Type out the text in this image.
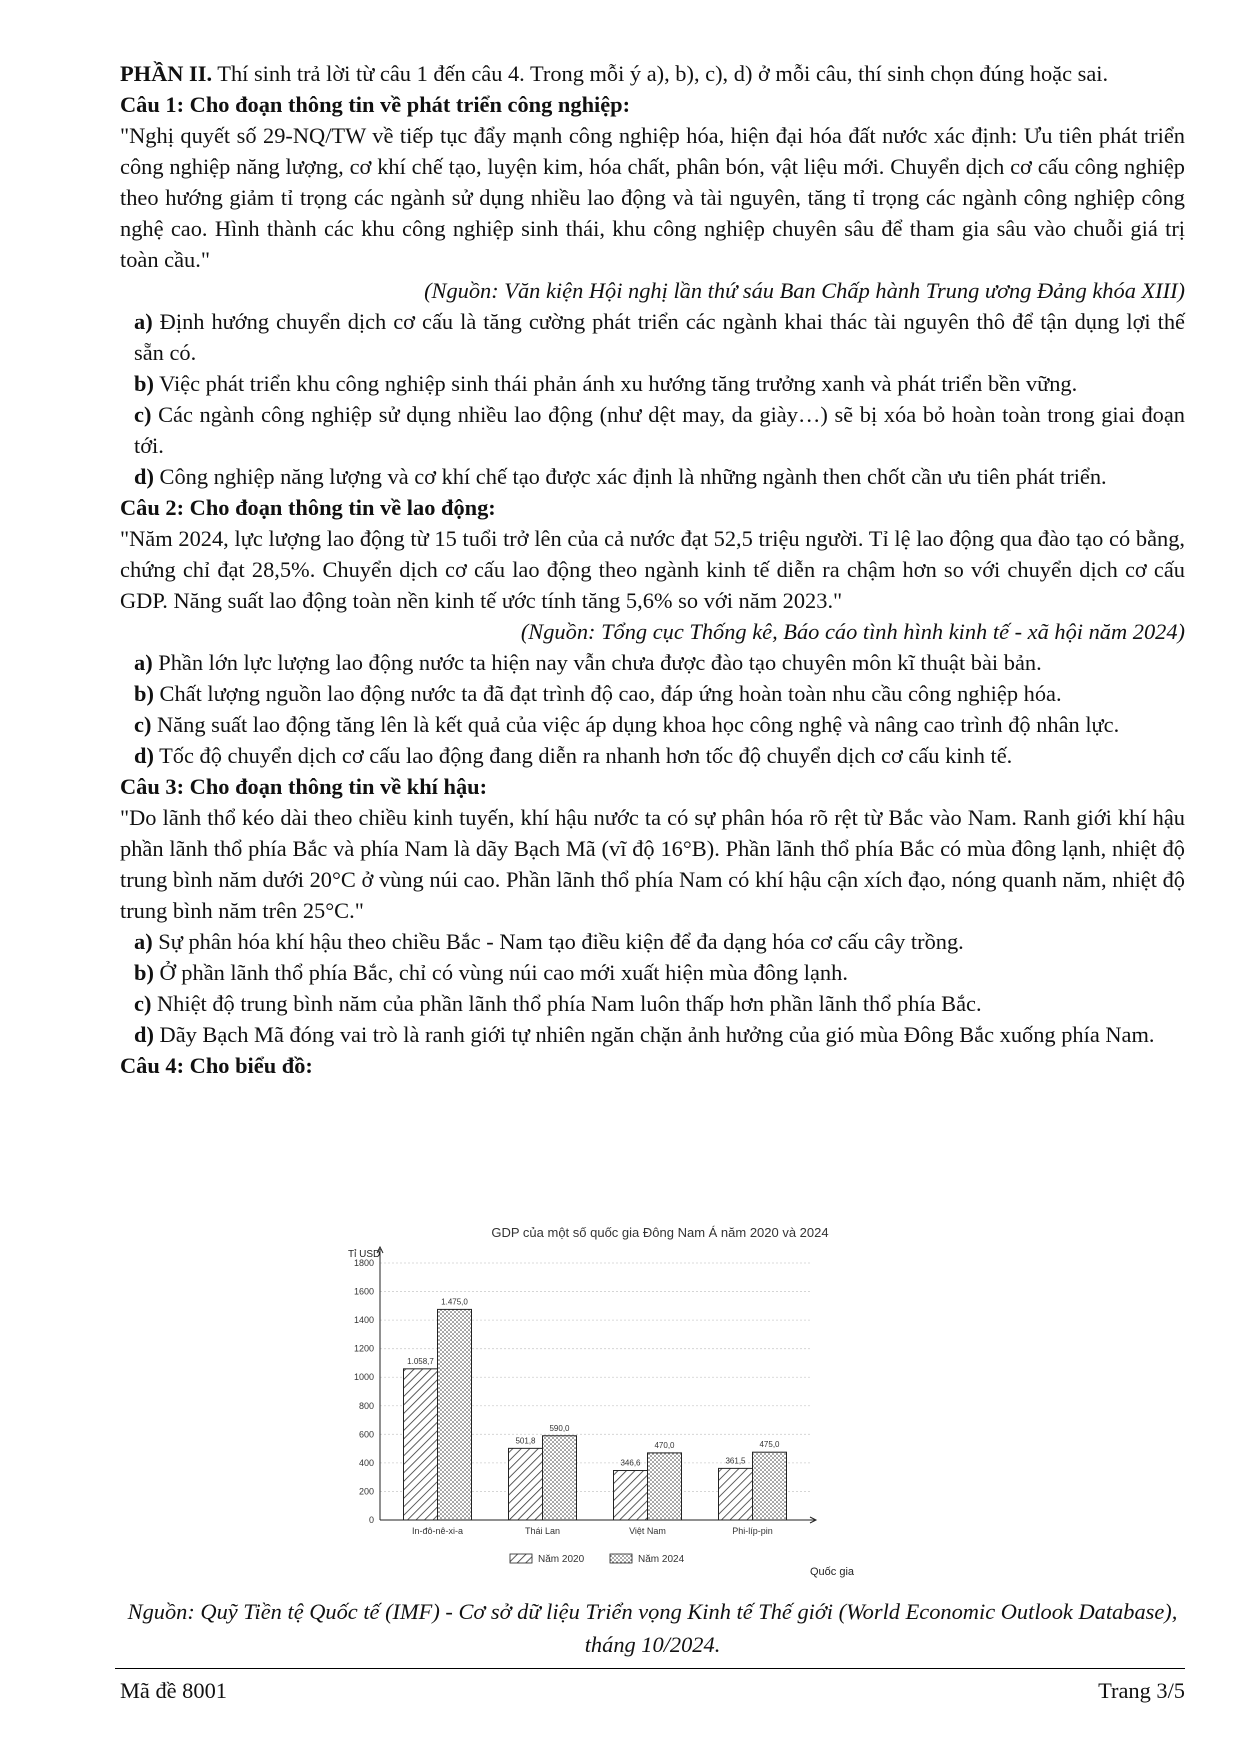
PHẦN II. Thí sinh trả lời từ câu 1 đến câu 4. Trong mỗi ý a), b), c), d) ở mỗi câu, thí sinh chọn đúng hoặc sai.

Câu 1: Cho đoạn thông tin về phát triển công nghiệp:

"Nghị quyết số 29-NQ/TW về tiếp tục đẩy mạnh công nghiệp hóa, hiện đại hóa đất nước xác định: Ưu tiên phát triển công nghiệp năng lượng, cơ khí chế tạo, luyện kim, hóa chất, phân bón, vật liệu mới. Chuyển dịch cơ cấu công nghiệp theo hướng giảm tỉ trọng các ngành sử dụng nhiều lao động và tài nguyên, tăng tỉ trọng các ngành công nghiệp công nghệ cao. Hình thành các khu công nghiệp sinh thái, khu công nghiệp chuyên sâu để tham gia sâu vào chuỗi giá trị toàn cầu."

(Nguồn: Văn kiện Hội nghị lần thứ sáu Ban Chấp hành Trung ương Đảng khóa XIII)

a) Định hướng chuyển dịch cơ cấu là tăng cường phát triển các ngành khai thác tài nguyên thô để tận dụng lợi thế sẵn có.

b) Việc phát triển khu công nghiệp sinh thái phản ánh xu hướng tăng trưởng xanh và phát triển bền vững.

c) Các ngành công nghiệp sử dụng nhiều lao động (như dệt may, da giày…) sẽ bị xóa bỏ hoàn toàn trong giai đoạn tới.

d) Công nghiệp năng lượng và cơ khí chế tạo được xác định là những ngành then chốt cần ưu tiên phát triển.

Câu 2: Cho đoạn thông tin về lao động:

"Năm 2024, lực lượng lao động từ 15 tuổi trở lên của cả nước đạt 52,5 triệu người. Tỉ lệ lao động qua đào tạo có bằng, chứng chỉ đạt 28,5%. Chuyển dịch cơ cấu lao động theo ngành kinh tế diễn ra chậm hơn so với chuyển dịch cơ cấu GDP. Năng suất lao động toàn nền kinh tế ước tính tăng 5,6% so với năm 2023."

(Nguồn: Tổng cục Thống kê, Báo cáo tình hình kinh tế - xã hội năm 2024)

a) Phần lớn lực lượng lao động nước ta hiện nay vẫn chưa được đào tạo chuyên môn kĩ thuật bài bản.

b) Chất lượng nguồn lao động nước ta đã đạt trình độ cao, đáp ứng hoàn toàn nhu cầu công nghiệp hóa.

c) Năng suất lao động tăng lên là kết quả của việc áp dụng khoa học công nghệ và nâng cao trình độ nhân lực.

d) Tốc độ chuyển dịch cơ cấu lao động đang diễn ra nhanh hơn tốc độ chuyển dịch cơ cấu kinh tế.

Câu 3: Cho đoạn thông tin về khí hậu:

"Do lãnh thổ kéo dài theo chiều kinh tuyến, khí hậu nước ta có sự phân hóa rõ rệt từ Bắc vào Nam. Ranh giới khí hậu phần lãnh thổ phía Bắc và phía Nam là dãy Bạch Mã (vĩ độ 16°B). Phần lãnh thổ phía Bắc có mùa đông lạnh, nhiệt độ trung bình năm dưới 20°C ở vùng núi cao. Phần lãnh thổ phía Nam có khí hậu cận xích đạo, nóng quanh năm, nhiệt độ trung bình năm trên 25°C."

a) Sự phân hóa khí hậu theo chiều Bắc - Nam tạo điều kiện để đa dạng hóa cơ cấu cây trồng.

b) Ở phần lãnh thổ phía Bắc, chỉ có vùng núi cao mới xuất hiện mùa đông lạnh.

c) Nhiệt độ trung bình năm của phần lãnh thổ phía Nam luôn thấp hơn phần lãnh thổ phía Bắc.

d) Dãy Bạch Mã đóng vai trò là ranh giới tự nhiên ngăn chặn ảnh hưởng của gió mùa Đông Bắc xuống phía Nam.

Câu 4: Cho biểu đồ:

GDP của một số quốc gia Đông Nam Á năm 2020 và 2024
Tỉ USD
Quốc gia
1.058,7
1.475,0
501,8
590,0
346,6
470,0
361,5
475,0
0
200
400
600
800
1000
1200
1400
1600
1800
In-đô-nê-xi-a	Thái Lan	Việt Nam	Phi-líp-pin
Năm 2020	Năm 2024
Nguồn: Quỹ Tiền tệ Quốc tế (IMF) - Cơ sở dữ liệu Triển vọng Kinh tế Thế giới (World Economic Outlook Database), tháng 10/2024.
Mã đề 8001	Trang 3/5
